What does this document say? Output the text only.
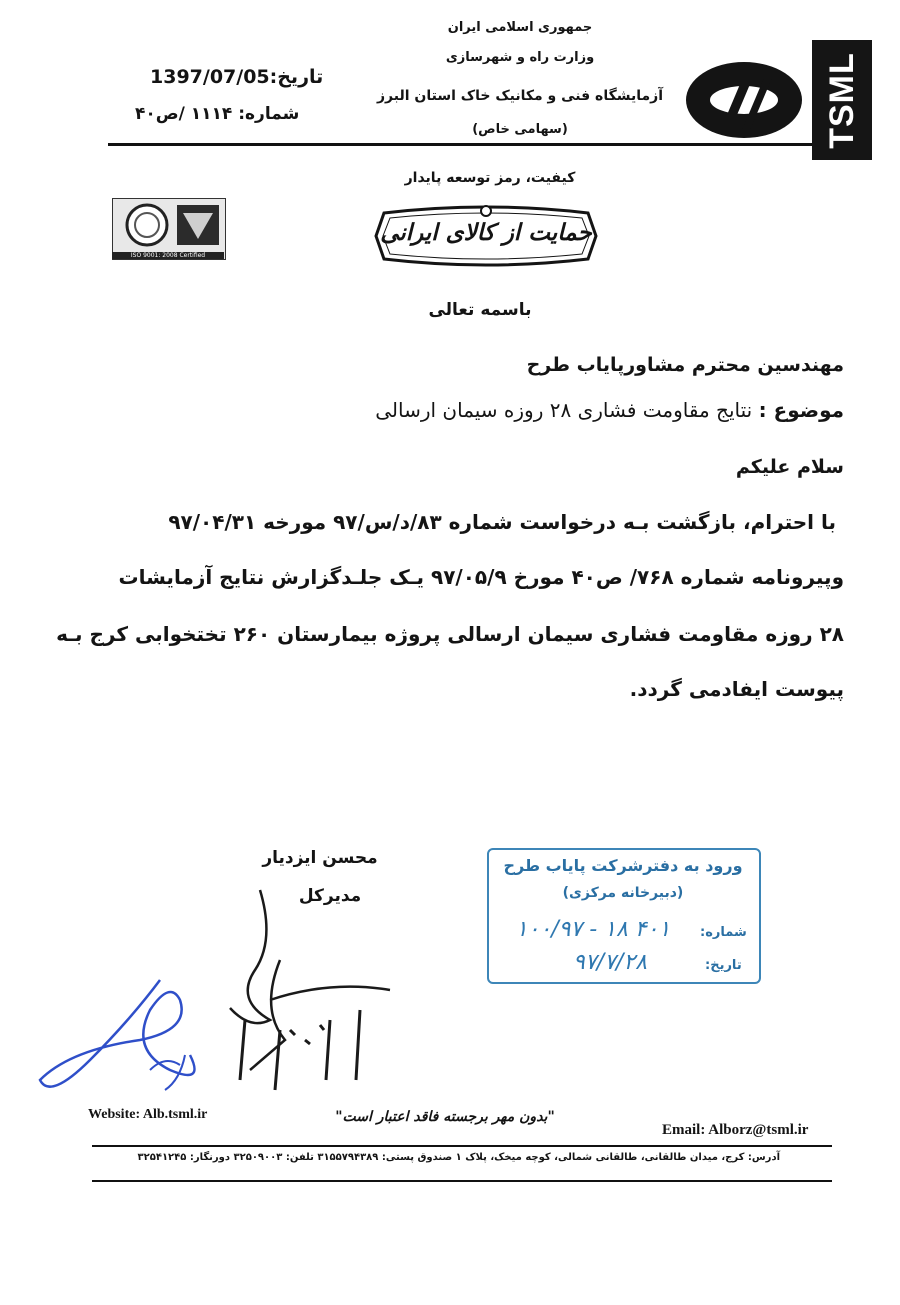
تاریخ:1397/07/05
شماره: ۱۱۱۴ /ص۴۰
جمهوری اسلامی ایران
وزارت راه و شهرسازی
آزمایشگاه فنی و مکانیک خاک استان البرز
(سهامی خاص)	TSML
کیفیت، رمز توسعه پایدار
ISO 9001: 2008 Certified
حمایت از کالای ایرانی
باسمه تعالی
مهندسین محترم مشاورپایاب طرح
موضوع : نتایج مقاومت فشاری ۲۸ روزه سیمان ارسالی
سلام علیکم
با احترام، بازگشت بـه درخواست شماره ۸۳/د/س/۹۷ مورخه ۹۷/۰۴/۳۱
وپیرونامه شماره ۷۶۸/ ص۴۰ مورخ ۹۷/۰۵/۹ یـک جلـدگزارش نتایج آزمایشات
۲۸ روزه مقاومت فشاری سیمان ارسالی پروژه بیمارستان ۲۶۰ تختخوابی کرج بـه
پیوست ایفادمی گردد.
محسن ایزدیار
مدیرکل
ورود به دفترشرکت پایاب طرح
(دبیرخانه مرکزی)
شماره:
۱۰۰/۹۷ - ۱۸ ۴۰۱
تاریخ:
۹۷/۷/۲۸
Website: Alb.tsml.ir	"بدون مهر برجسته فاقد اعتبار است"
Email: Alborz@tsml.ir
آدرس: کرج، میدان طالقانی، طالقانی شمالی، کوچه میخک، پلاک ۱ صندوق پستی: ۳۱۵۵۷۹۴۳۸۹ تلفن: ۳۲۵۰۹۰۰۳ دورنگار: ۳۲۵۴۱۲۴۵
